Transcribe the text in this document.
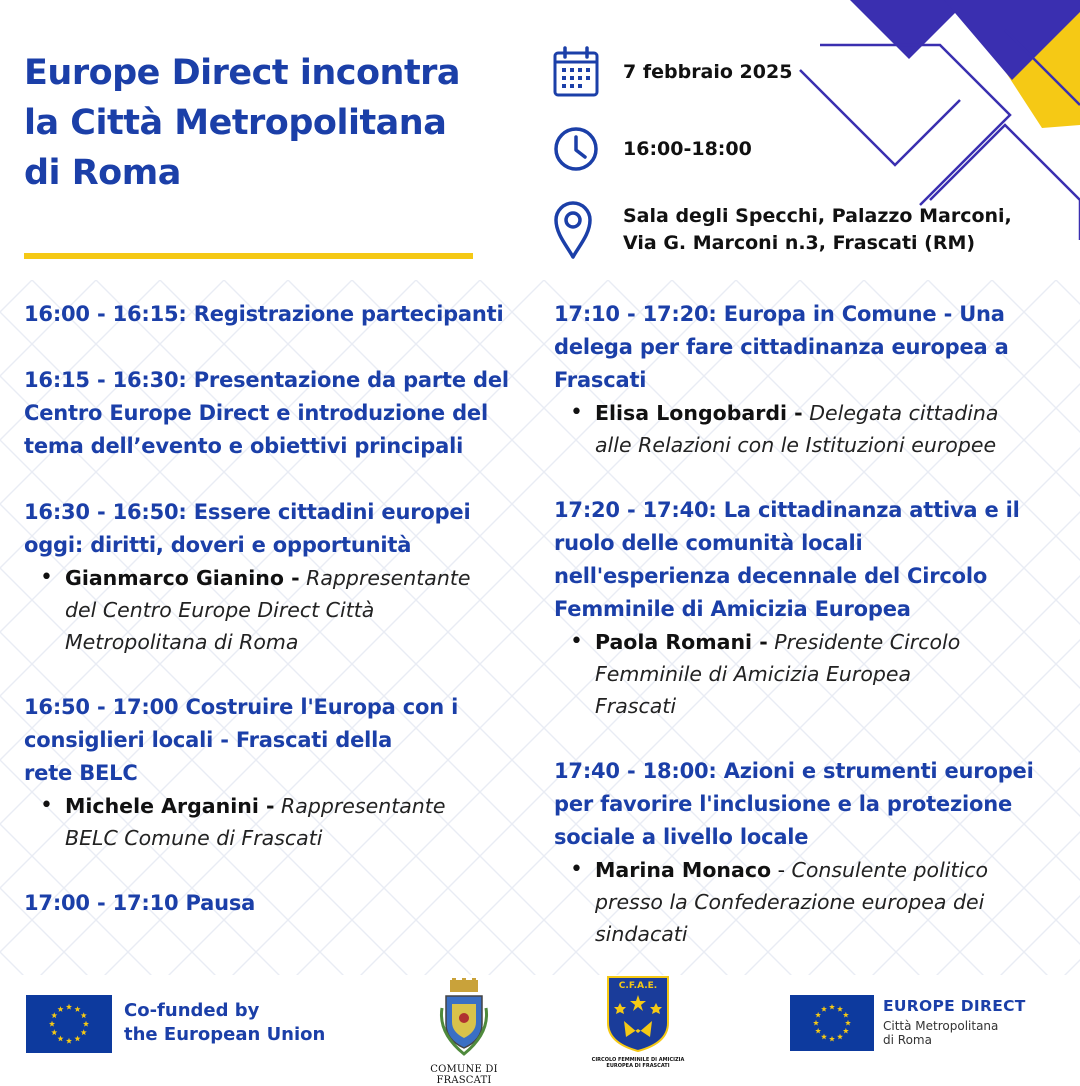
Europe Direct incontra
la Città Metropolitana
di Roma
7 febbraio 2025
16:00-18:00
Sala degli Specchi, Palazzo Marconi,
Via G. Marconi n.3, Frascati (RM)
16:00 - 16:15: Registrazione partecipanti
16:15 - 16:30: Presentazione da parte del
Centro Europe Direct e introduzione del
tema dell’evento e obiettivi principali
16:30 - 16:50: Essere cittadini europei
oggi: diritti, doveri e opportunità
• Gianmarco Gianino - Rappresentante
del Centro Europe Direct Città
Metropolitana di Roma
16:50 - 17:00 Costruire l'Europa con i
consiglieri locali - Frascati della
rete BELC
• Michele Arganini - Rappresentante
BELC Comune di Frascati
17:00 - 17:10 Pausa
17:10 - 17:20: Europa in Comune - Una
delega per fare cittadinanza europea a
Frascati
• Elisa Longobardi - Delegata cittadina
alle Relazioni con le Istituzioni europee
17:20 - 17:40: La cittadinanza attiva e il
ruolo delle comunità locali
nell'esperienza decennale del Circolo
Femminile di Amicizia Europea
• Paola Romani - Presidente Circolo
Femminile di Amicizia Europea
Frascati
17:40 - 18:00: Azioni e strumenti europei
per favorire l'inclusione e la protezione
sociale a livello locale
• Marina Monaco - Consulente politico
presso la Confederazione europea dei
sindacati
Co-funded by
the European Union
COMUNE DI FRASCATI
C.F.A.E.
CIRCOLO FEMMINILE DI AMICIZIA
EUROPEA DI FRASCATI
EUROPE DIRECT
Città Metropolitana
di Roma
